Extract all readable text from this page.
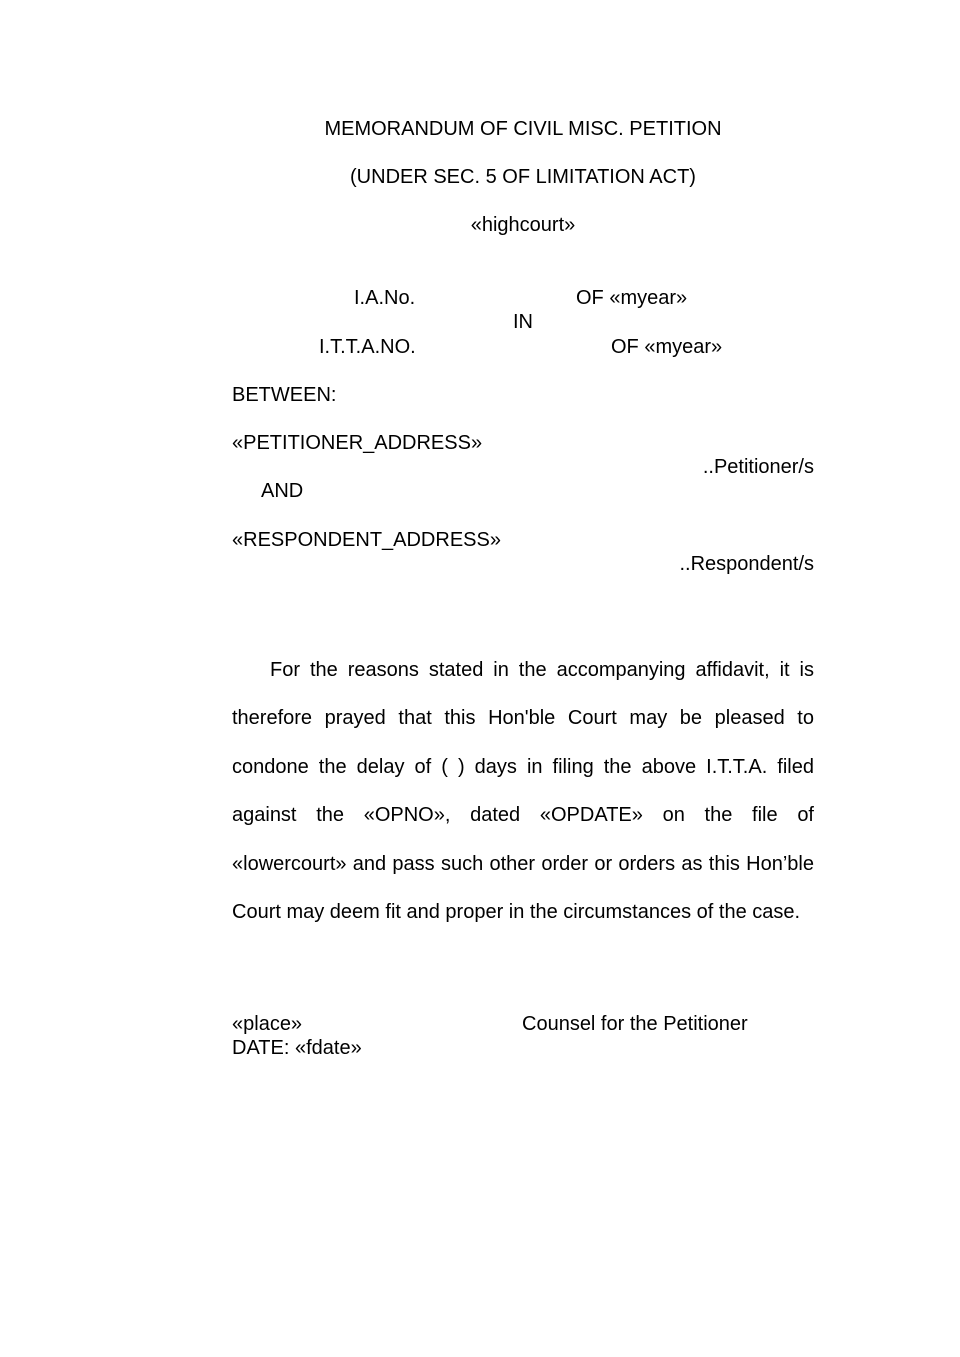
MEMORANDUM OF CIVIL MISC. PETITION
(UNDER SEC. 5 OF LIMITATION ACT)
«highcourt»
I.A.No.	OF «myear»
IN
I.T.T.A.NO.	OF «myear»
BETWEEN:
«PETITIONER_ADDRESS»
..Petitioner/s
AND
«RESPONDENT_ADDRESS»
..Respondent/s

For the reasons stated in the accompanying affidavit, it is therefore prayed that this Hon'ble Court may be pleased to condone the delay of ( ) days in filing the above I.T.T.A. filed against the «OPNO», dated «OPDATE» on the file of «lowercourt» and pass such other order or orders as this Hon’ble Court may deem fit and proper in the circumstances of the case.

«place»	Counsel for the Petitioner
DATE: «fdate»
